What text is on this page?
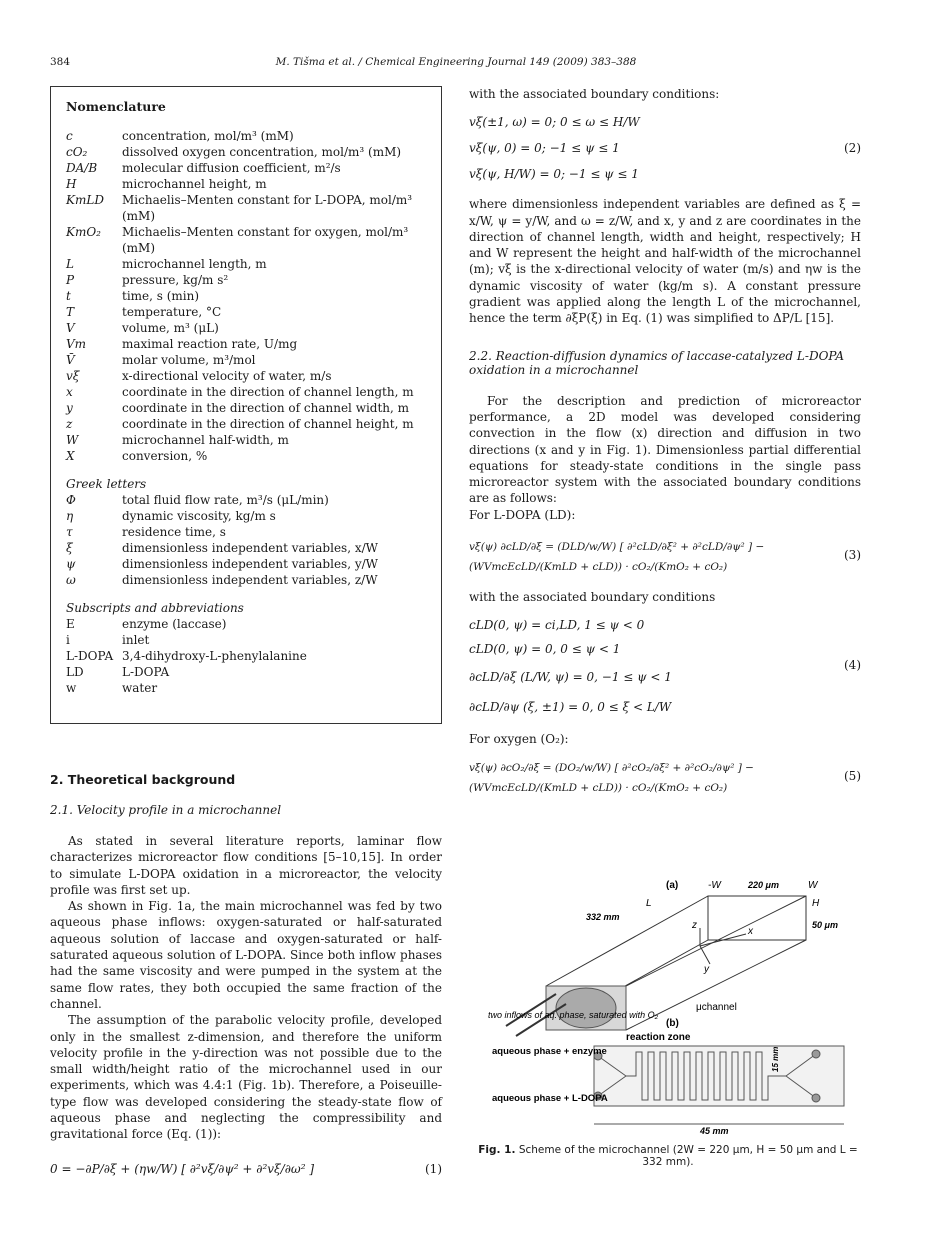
384	M. Tišma et al. / Chemical Engineering Journal 149 (2009) 383–388
Nomenclature
c	concentration, mol/m³ (mM)
cO₂	dissolved oxygen concentration, mol/m³ (mM)
DA/B	molecular diffusion coefficient, m²/s
H	microchannel height, m
KmLD	Michaelis–Menten constant for L-DOPA, mol/m³ (mM)
KmO₂	Michaelis–Menten constant for oxygen, mol/m³ (mM)
L	microchannel length, m
P	pressure, kg/m s²
t	time, s (min)
T	temperature, °C
V	volume, m³ (μL)
Vm	maximal reaction rate, U/mg
V̄	molar volume, m³/mol
vξ	x-directional velocity of water, m/s
x	coordinate in the direction of channel length, m
y	coordinate in the direction of channel width, m
z	coordinate in the direction of channel height, m
W	microchannel half-width, m
X	conversion, %
Greek letters
Φ	total fluid flow rate, m³/s (μL/min)
η	dynamic viscosity, kg/m s
τ	residence time, s
ξ	dimensionless independent variables, x/W
ψ	dimensionless independent variables, y/W
ω	dimensionless independent variables, z/W
Subscripts and abbreviations
E	enzyme (laccase)
i	inlet
L-DOPA 3,4-dihydroxy-L-phenylalanine
LD	L-DOPA
w	water
2. Theoretical background
2.1. Velocity profile in a microchannel

As stated in several literature reports, laminar flow characterizes microreactor flow conditions [5–10,15]. In order to simulate L-DOPA oxidation in a microreactor, the velocity profile was first set up.

As shown in Fig. 1a, the main microchannel was fed by two aqueous phase inflows: oxygen-saturated or half-saturated aqueous solution of laccase and oxygen-saturated or half-saturated aqueous solution of L-DOPA. Since both inflow phases had the same viscosity and were pumped in the system at the same flow rates, they both occupied the same fraction of the channel.

The assumption of the parabolic velocity profile, developed only in the smallest z-dimension, and therefore the uniform velocity profile in the y-direction was not possible due to the small width/height ratio of the microchannel used in our experiments, which was 4.4:1 (Fig. 1b). Therefore, a Poiseuille-type flow was developed considering the steady-state flow of aqueous phase and neglecting the compressibility and gravitational force (Eq. (1)):

0 = −∂P/∂ξ + (ηw/W) [ ∂²vξ/∂ψ² + ∂²vξ/∂ω² ]	(1)

with the associated boundary conditions:

vξ(±1, ω) = 0; 0 ≤ ω ≤ H/W
vξ(ψ, 0) = 0; −1 ≤ ψ ≤ 1
vξ(ψ, H/W) = 0; −1 ≤ ψ ≤ 1
(2)

where dimensionless independent variables are defined as ξ = x/W, ψ = y/W, and ω = z/W, and x, y and z are coordinates in the direction of channel length, width and height, respectively; H and W represent the height and half-width of the microchannel (m); vξ is the x-directional velocity of water (m/s) and ηw is the dynamic viscosity of water (kg/m s). A constant pressure gradient was applied along the length L of the microchannel, hence the term ∂ξP(ξ) in Eq. (1) was simplified to ΔP/L [15].

2.2. Reaction-diffusion dynamics of laccase-catalyzed L-DOPA oxidation in a microchannel

For the description and prediction of microreactor performance, a 2D model was developed considering convection in the flow (x) direction and diffusion in two directions (x and y in Fig. 1). Dimensionless partial differential equations for steady-state conditions in the single pass microreactor system with the associated boundary conditions are as follows:

For L-DOPA (LD):

vξ(ψ) ∂cLD/∂ξ = (DLD/w/W) [ ∂²cLD/∂ξ² + ∂²cLD/∂ψ² ] − (WVmcEcLD/(KmLD + cLD)) · cO₂/(KmO₂ + cO₂)
(3)

with the associated boundary conditions

cLD(0, ψ) = ci,LD, 1 ≤ ψ < 0
cLD(0, ψ) = 0, 0 ≤ ψ < 1
∂cLD/∂ξ (L/W, ψ) = 0, −1 ≤ ψ < 1
∂cLD/∂ψ (ξ, ±1) = 0, 0 ≤ ξ < L/W
(4)

For oxygen (O₂):

vξ(ψ) ∂cO₂/∂ξ = (DO₂/w/W) [ ∂²cO₂/∂ξ² + ∂²cO₂/∂ψ² ] − (WVmcEcLD/(KmLD + cLD)) · cO₂/(KmO₂ + cO₂)
(5)
(a)	-W	220 μm	W
H
50 μm
332 mm
L
x
y
z
two inflows of aq. phase, saturated with O₂
μchannel
(b)
reaction zone
aqueous phase + enzyme
aqueous phase + L-DOPA
15 mm
45 mm
Fig. 1. Scheme of the microchannel (2W = 220 μm, H = 50 μm and L = 332 mm).
